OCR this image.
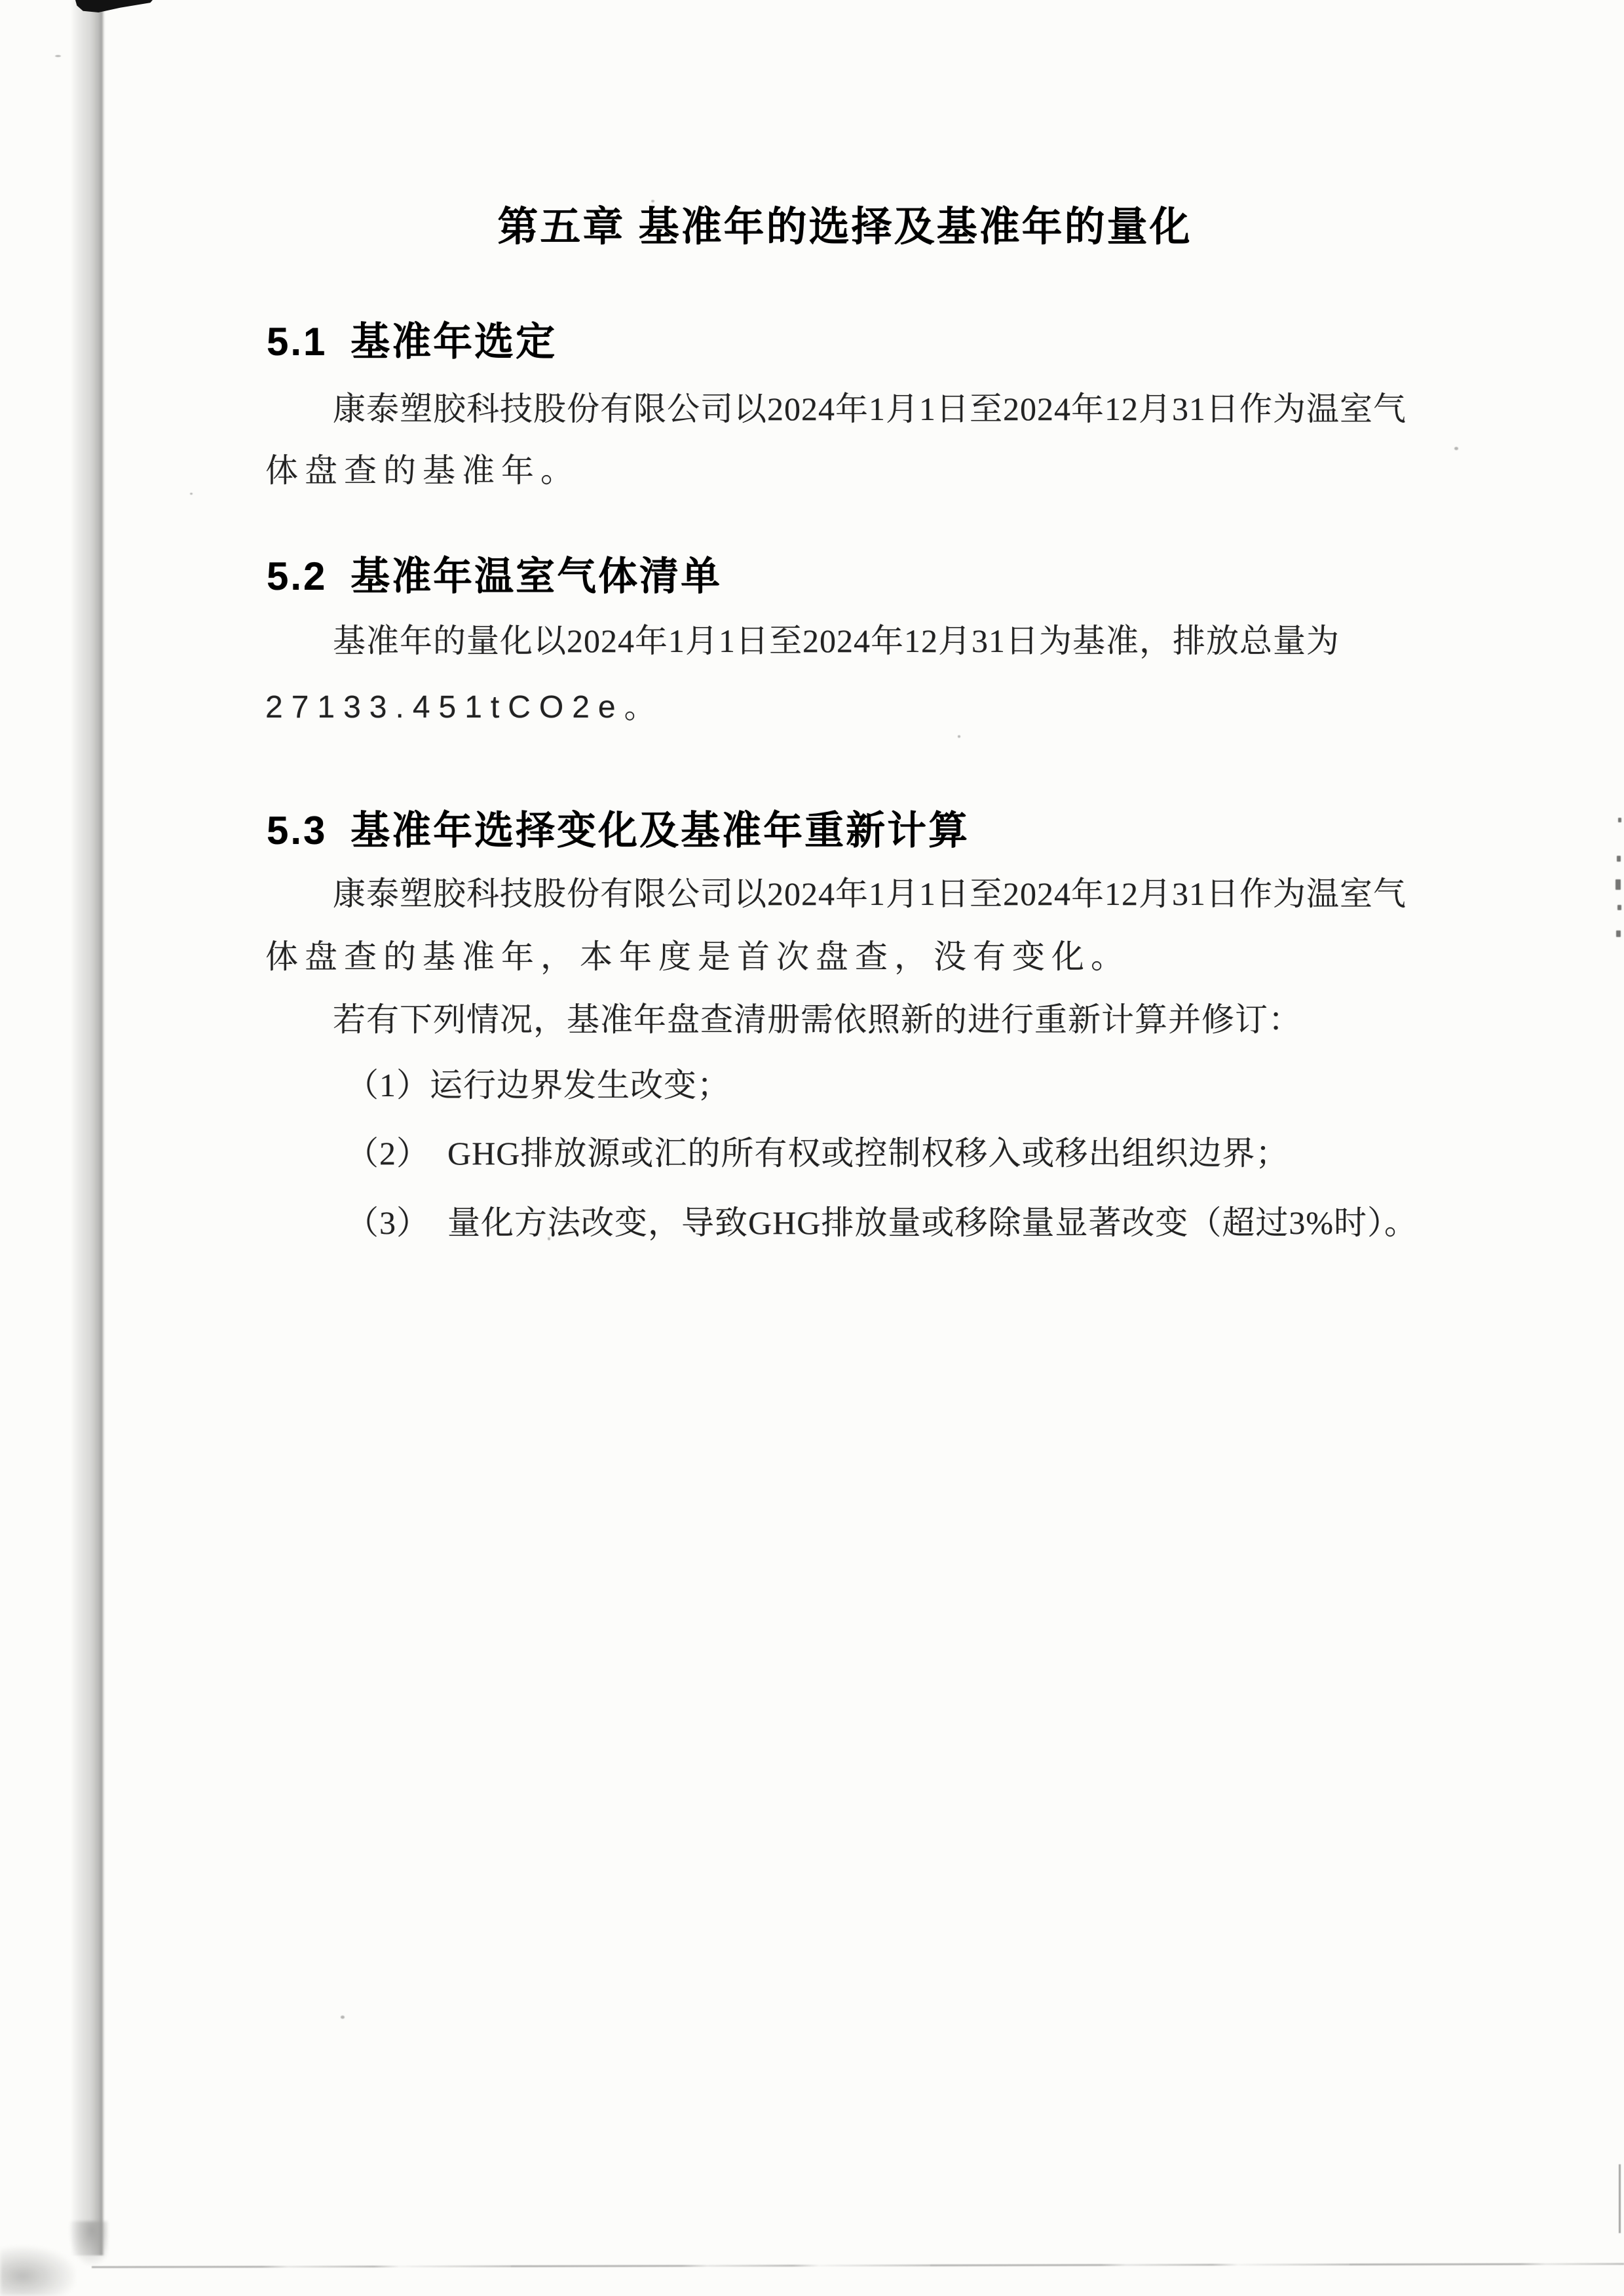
第五章 基准年的选择及基准年的量化
5.1 基准年选定
康泰塑胶科技股份有限公司以2024年1月1日至2024年12月31日作为温室气
体盘查的基准年。
5.2 基准年温室气体清单
基准年的量化以2024年1月1日至2024年12月31日为基准，排放总量为
27133.451tCO2e。
5.3 基准年选择变化及基准年重新计算
康泰塑胶科技股份有限公司以2024年1月1日至2024年12月31日作为温室气
体盘查的基准年，本年度是首次盘查，没有变化。
若有下列情况，基准年盘查清册需依照新的进行重新计算并修订：
（1）运行边界发生改变；
（2）  GHG排放源或汇的所有权或控制权移入或移出组织边界；
（3）  量化方法改变，导致GHG排放量或移除量显著改变（超过3%时）。
